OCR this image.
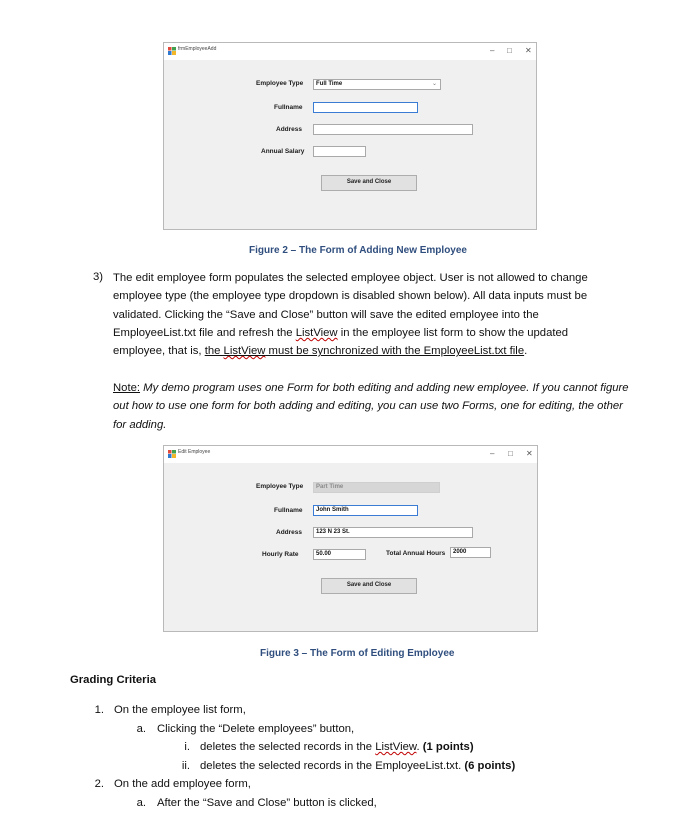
frmEmployeeAdd	– □ ✕
Employee Type	Full Time	⌄
Fullname
Address
Annual Salary
Save and Close
Figure 2 – The Form of Adding New Employee
3) The edit employee form populates the selected employee object. User is not allowed to change
employee type (the employee type dropdown is disabled shown below). All data inputs must be
validated. Clicking the “Save and Close” button will save the edited employee into the
EmployeeList.txt file and refresh the ListView in the employee list form to show the updated
employee, that is, the ListView must be synchronized with the EmployeeList.txt file.
Note: My demo program uses one Form for both editing and adding new employee. If you cannot figure out how to use one form for both adding and editing, you can use two Forms, one for editing, the other for adding.
Edit Employee	– □ ✕
Employee Type	Part Time
Fullname	John Smith
Address	123 N 23 St.
Hourly Rate	50.00	Total Annual Hours	2000
Save and Close
Figure 3 – The Form of Editing Employee
Grading Criteria
1. On the employee list form,
a. Clicking the “Delete employees” button,
i. deletes the selected records in the ListView. (1 points)
ii. deletes the selected records in the EmployeeList.txt. (6 points)
2. On the add employee form,
a. After the “Save and Close” button is clicked,
